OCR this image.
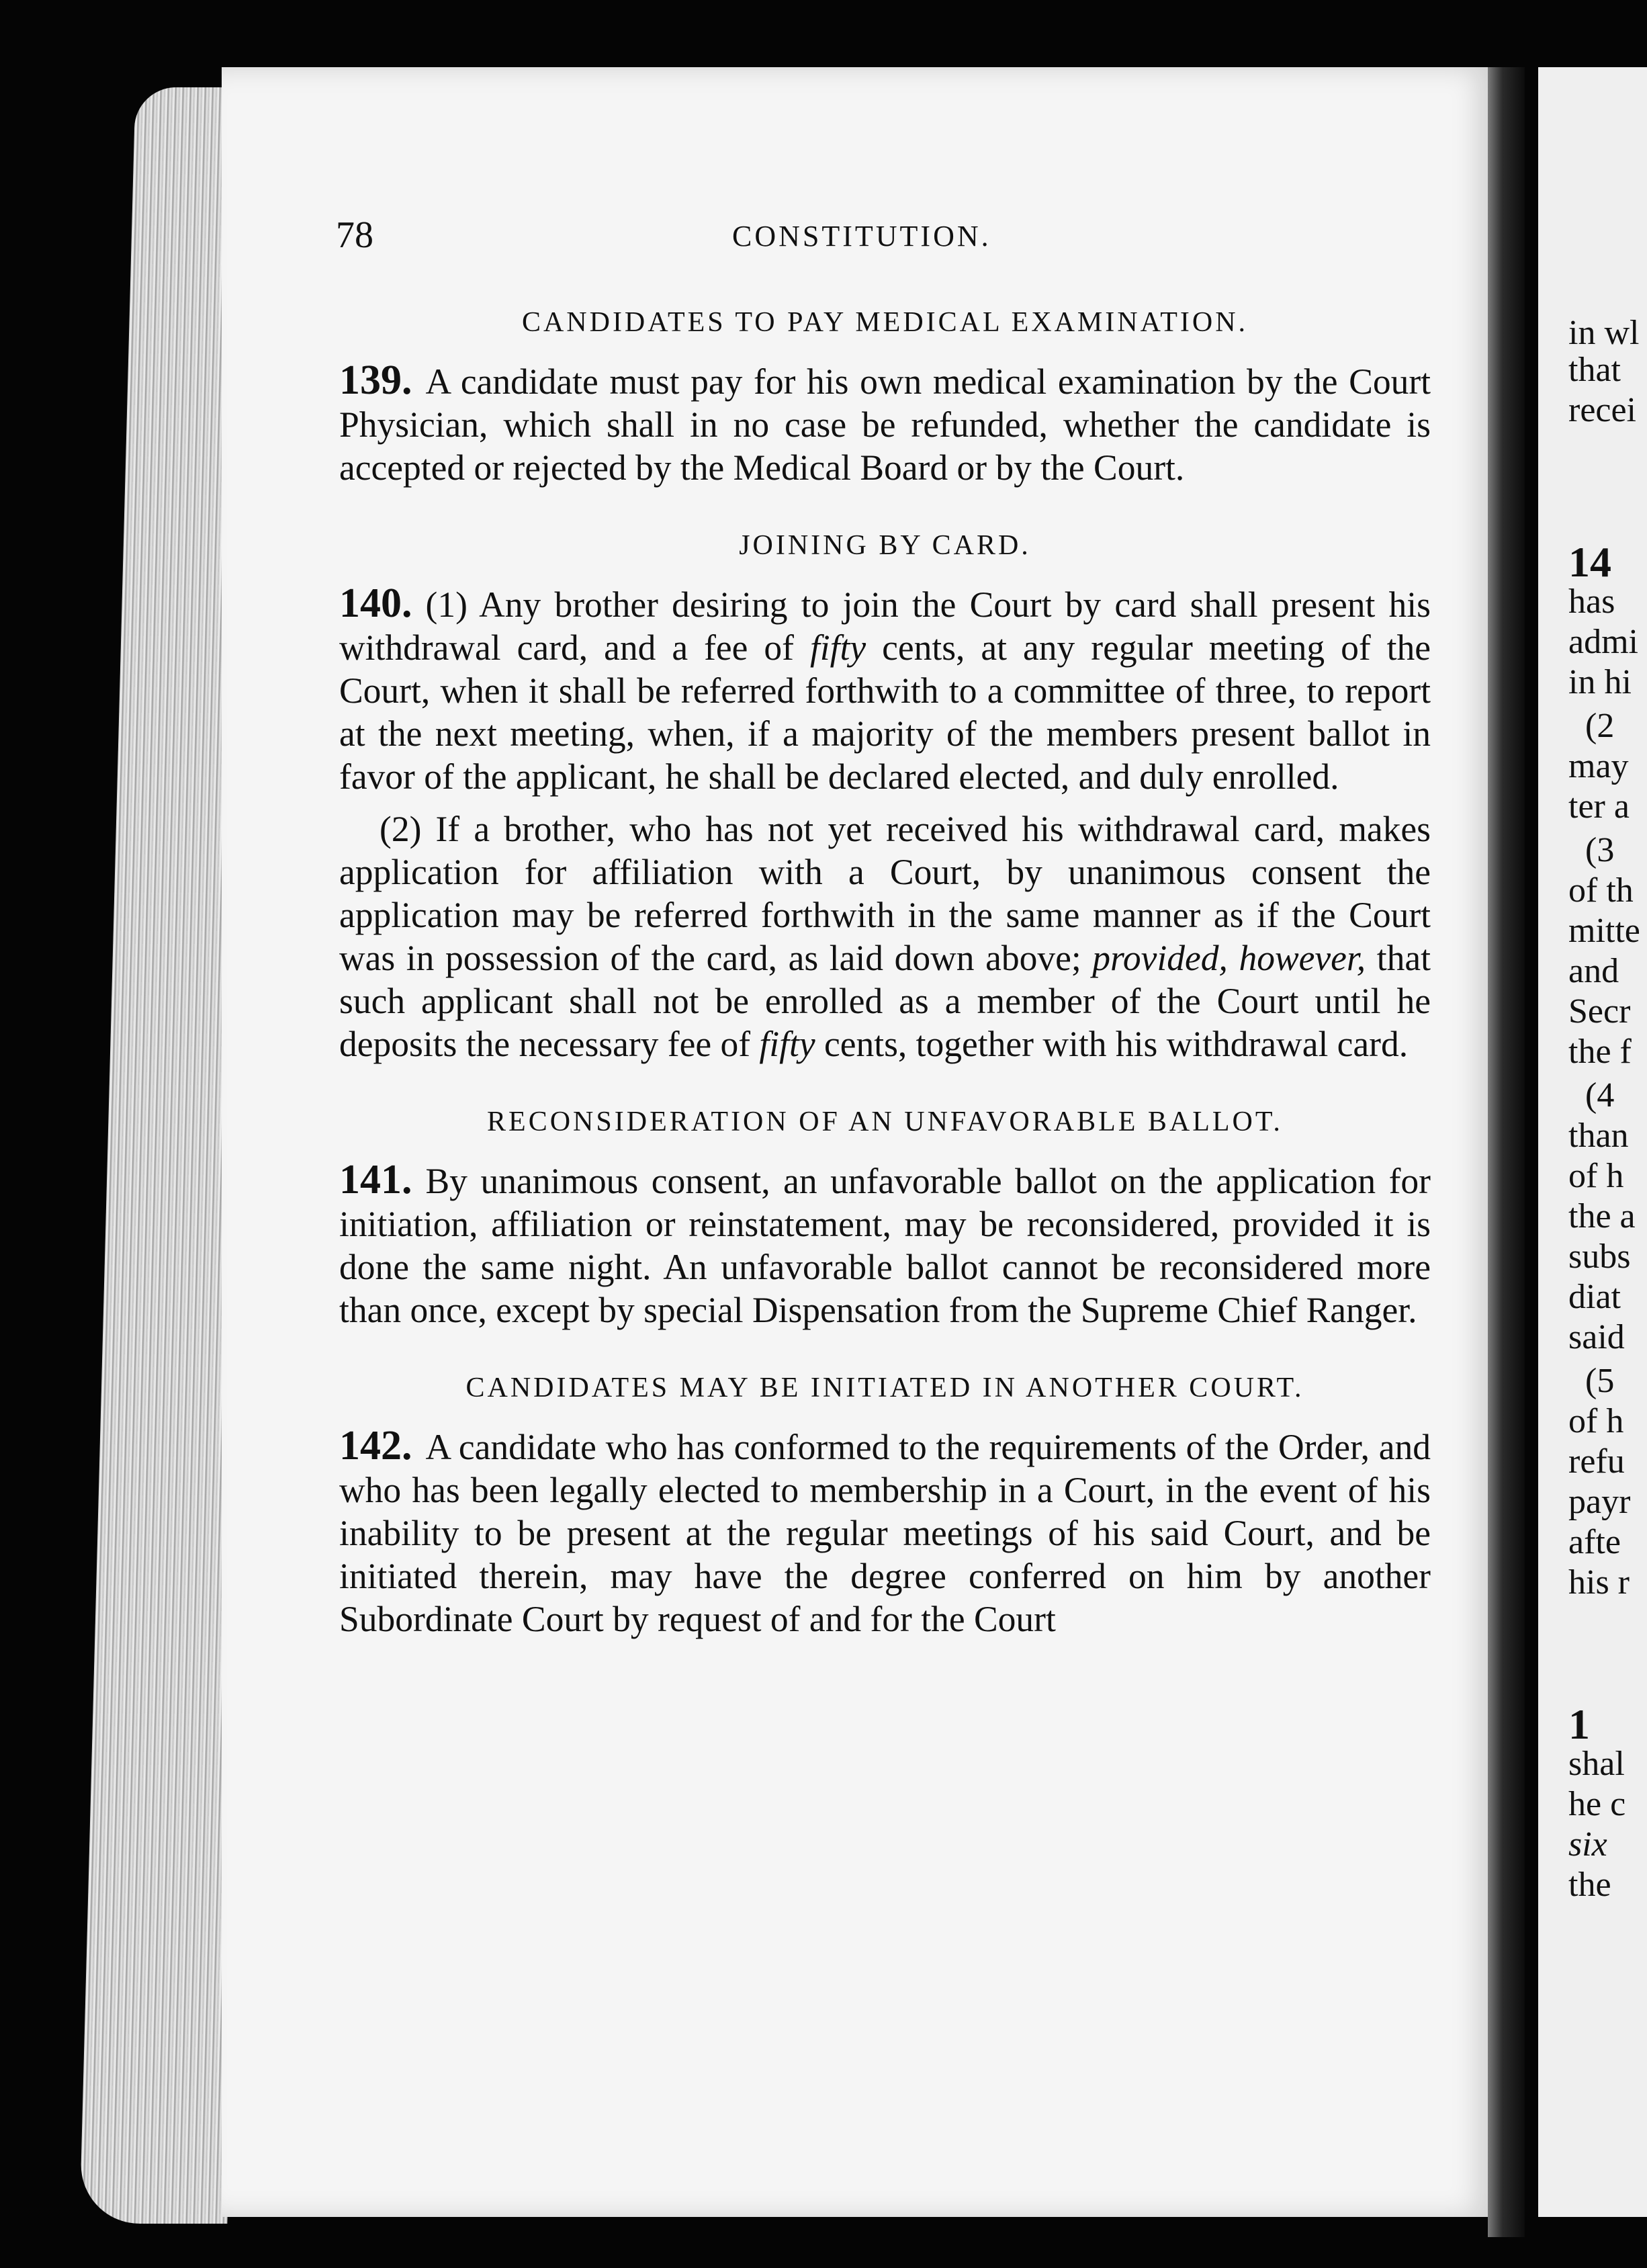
in wl
that
recei
14
has
admi
in hi
(2
may
ter a
(3
of th
mitte
and
Secr
the f
(4
than
of h
the a
subs
diat
said
(5
of h
refu
payr
afte
his r
1
shal
he c
six
the
78	CONSTITUTION.

CANDIDATES TO PAY MEDICAL EXAMINATION.

139. A candidate must pay for his own medical examination by the Court Physician, which shall in no case be refunded, whether the candidate is accepted or rejected by the Medical Board or by the Court.

JOINING BY CARD.

140. (1) Any brother desiring to join the Court by card shall present his withdrawal card, and a fee of fifty cents, at any regular meeting of the Court, when it shall be referred forthwith to a committee of three, to report at the next meeting, when, if a majority of the members present ballot in favor of the applicant, he shall be declared elected, and duly enrolled.

(2) If a brother, who has not yet received his withdrawal card, makes application for affiliation with a Court, by unanimous consent the application may be referred forthwith in the same manner as if the Court was in possession of the card, as laid down above; provided, however, that such applicant shall not be enrolled as a member of the Court until he deposits the necessary fee of fifty cents, together with his withdrawal card.

RECONSIDERATION OF AN UNFAVORABLE BALLOT.

141. By unanimous consent, an unfavorable ballot on the application for initiation, affiliation or reinstatement, may be reconsidered, provided it is done the same night. An unfavorable ballot cannot be reconsidered more than once, except by special Dispensation from the Supreme Chief Ranger.

CANDIDATES MAY BE INITIATED IN ANOTHER COURT.

142. A candidate who has conformed to the requirements of the Order, and who has been legally elected to membership in a Court, in the event of his inability to be present at the regular meetings of his said Court, and be initiated therein, may have the degree conferred on him by another Subordinate Court by request of and for the Court
